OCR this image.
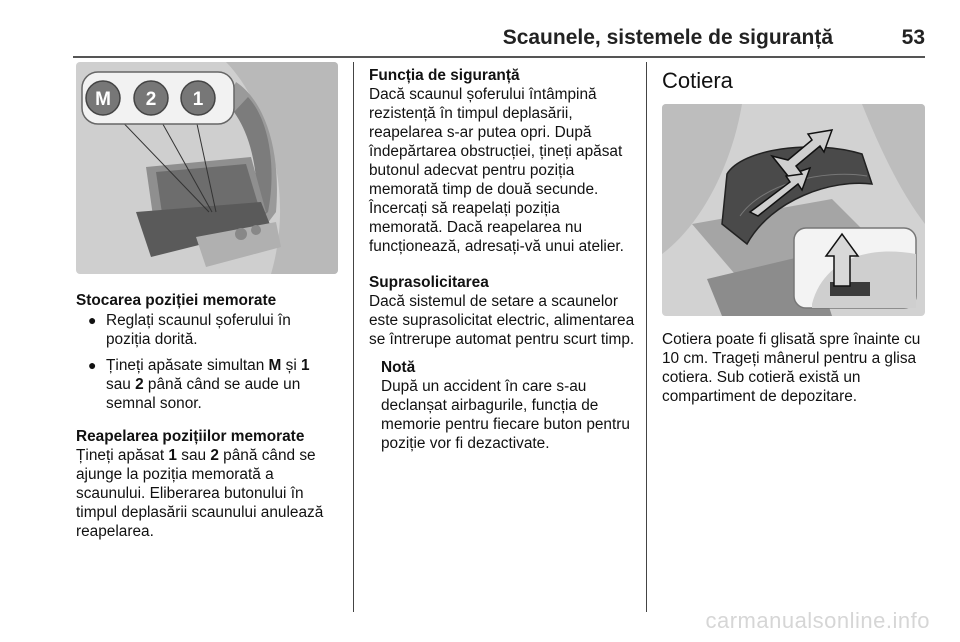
Scaunele, sistemele de siguranță	53
M 2 1

Stocarea poziției memorate

● Reglați scaunul șoferului în poziția dorită.
● Țineți apăsate simultan M și 1 sau 2 până când se aude un semnal sonor.

Reapelarea pozițiilor memorate

Țineți apăsat 1 sau 2 până când se ajunge la poziția memorată a scaunului. Eliberarea butonului în timpul deplasării scaunului anulează reapelarea.

Funcția de siguranță

Dacă scaunul șoferului întâmpină rezistență în timpul deplasării, reapelarea s-ar putea opri. După îndepărtarea obstrucției, țineți apăsat butonul adecvat pentru poziția memorată timp de două secunde. Încercați să reapelați poziția memorată. Dacă reapelarea nu funcționează, adresați-vă unui atelier.

Suprasolicitarea

Dacă sistemul de setare a scaunelor este suprasolicitat electric, alimentarea se întrerupe automat pentru scurt timp.

Notă

După un accident în care s-au declanșat airbagurile, funcția de memorie pentru fiecare buton pentru poziție vor fi dezactivate.

Cotiera

Cotiera poate fi glisată spre înainte cu 10 cm. Trageți mânerul pentru a glisa cotiera. Sub cotieră există un compartiment de depozitare.

carmanualsonline.info
